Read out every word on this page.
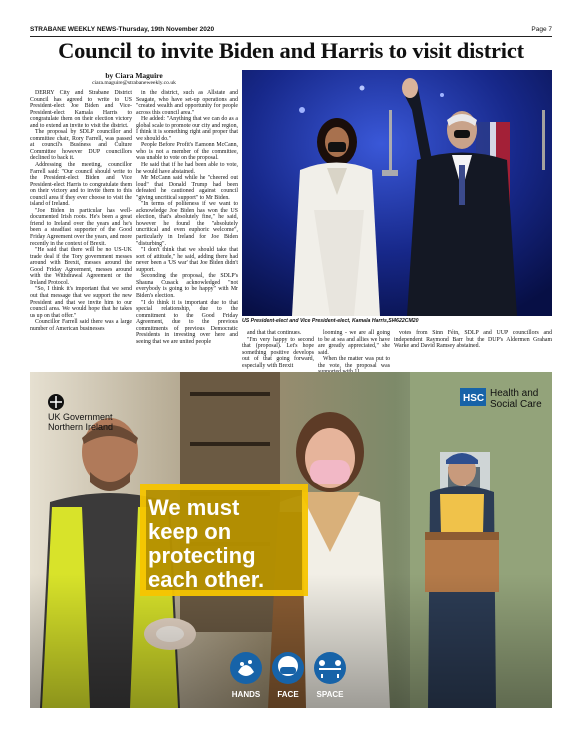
STRABANE WEEKLY NEWS-Thursday, 19th November 2020	Page 7
Council to invite Biden and Harris to visit district
by Ciara Maguire
ciara.maguire@strabaneweekly.co.uk

DERRY City and Strabane District Council has agreed to write to US President-elect Joe Biden and Vice-President-elect Kamala Harris to congratulate them on their election victory and to extend an invite to visit the district.

The proposal by SDLP councillor and committee chair, Rory Farrell, was passed at council's Business and Culture Committee however DUP councillors declined to back it.

Addressing the meeting, councillor Farrell said: "Our council should write to the President-elect Biden and Vice President-elect Harris to congratulate them on their victory and to invite them to this council area if they ever choose to visit the island of Ireland.

"Joe Biden in particular has well-documented Irish roots. He's been a great friend to Ireland over the years and he's been a steadfast supporter of the Good Friday Agreement over the years, and more recently in the context of Brexit.

"He said that there will be no US-UK trade deal if the Tory government messes around with Brexit, messes around the Good Friday Agreement, messes around with the Withdrawal Agreement or the Ireland Protocol.

"So, I think it's important that we send out that message that we support the new President and that we invite him to our council area. We would hope that he takes us up on that offer."

Councillor Farrell said there was a large number of American businesses

in the district, such as Allstate and Seagate, who have set-up operations and "created wealth and opportunity for people across this council area."

He added: "Anything that we can do as a global scale to promote our city and region, I think it is something right and proper that we should do."

People Before Profit's Eamonn McCann, who is not a member of the committee, was unable to vote on the proposal.

He said that if he had been able to vote, he would have abstained.

Mr McCann said while he "cheered out loud" that Donald Trump had been defeated he cautioned against council "giving uncritical support" to Mr Biden.

"In terms of politeness if we want to acknowledge Joe Biden has won the US election, that's absolutely fine," he said, however he found the "absolutely uncritical and even euphoric welcome", particularly in Ireland for Joe Biden "disturbing".

"I don't think that we should take that sort of attitude," he said, adding there had never been a 'US war' that Joe Biden didn't support.

Seconding the proposal, the SDLP's Shauna Cusack acknowledged "not everybody is going to be happy" with Mr Biden's election.

"I do think it is important due to that special relationship, due to the commitment to the Good Friday Agreement, due to the previous commitments of previous Democratic Presidents in investing over here and seeing that we are united people

US President-elect and Vice President-elect, Kamala Harris,SI4622CM20

and that that continues.

"I'm very happy to second that (proposal). Let's hope something positive develops out of that going forward, especially with Brexit

looming - we are all going to be at sea and allies we have are greatly appreciated," she said.

When the matter was put to the vote, the proposal was

votes from Sinn Féin, SDLP and UUP councillors and independent Raymond Barr but the DUP's Aldermen Graham Warke and David Ramsey abstained.

We must
keep on
protecting
each other.
UK Government
Northern Ireland
HSC Health and
Social Care
HANDS FACE SPACE
